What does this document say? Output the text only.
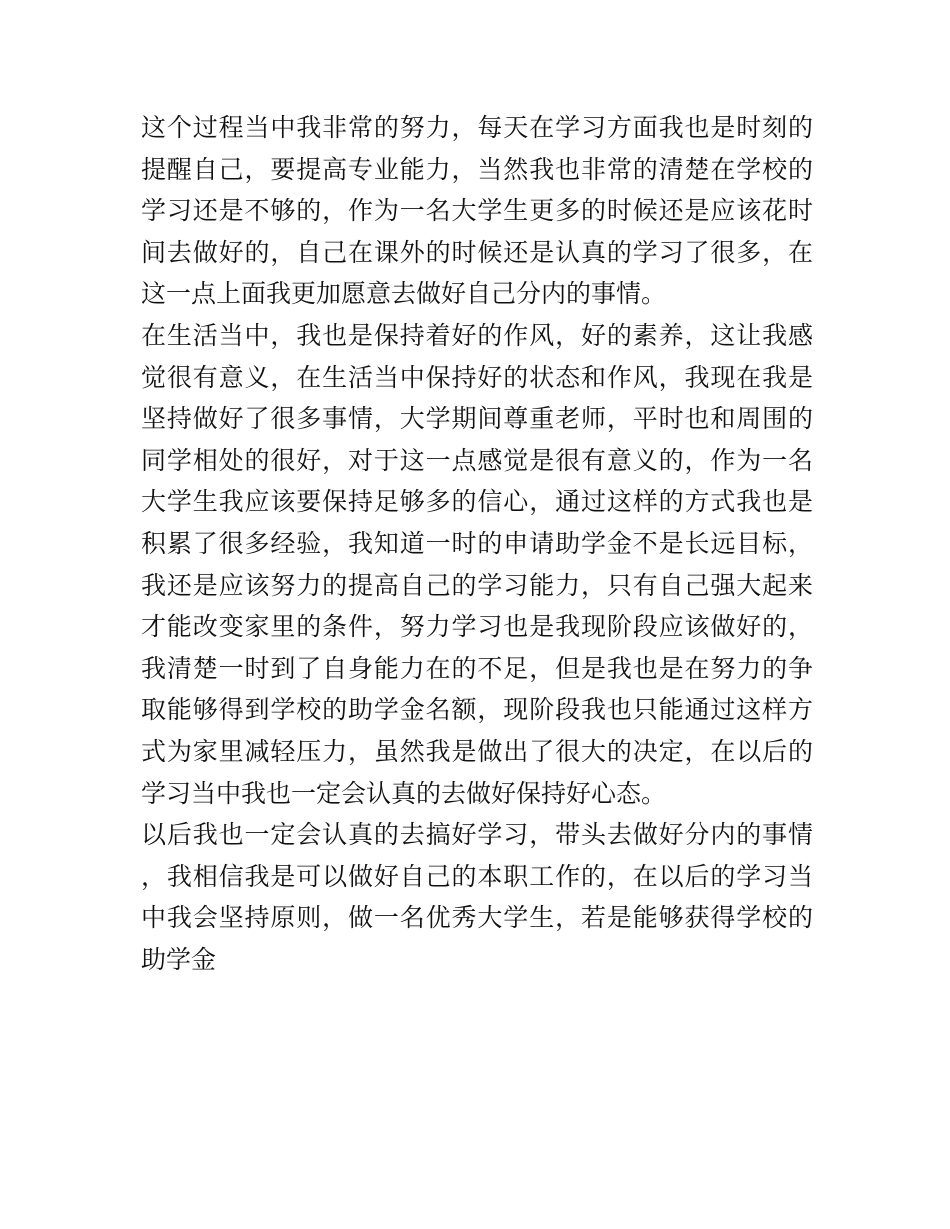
这个过程当中我非常的努力，每天在学习方面我也是时刻的提醒自己，要提高专业能力，当然我也非常的清楚在学校的学习还是不够的，作为一名大学生更多的时候还是应该花时间去做好的，自己在课外的时候还是认真的学习了很多，在这一点上面我更加愿意去做好自己分内的事情。

在生活当中，我也是保持着好的作风，好的素养，这让我感觉很有意义，在生活当中保持好的状态和作风，我现在我是坚持做好了很多事情，大学期间尊重老师，平时也和周围的同学相处的很好，对于这一点感觉是很有意义的，作为一名大学生我应该要保持足够多的信心，通过这样的方式我也是积累了很多经验，我知道一时的申请助学金不是长远目标，我还是应该努力的提高自己的学习能力，只有自己强大起来才能改变家里的条件，努力学习也是我现阶段应该做好的，我清楚一时到了自身能力在的不足，但是我也是在努力的争取能够得到学校的助学金名额，现阶段我也只能通过这样方式为家里减轻压力，虽然我是做出了很大的决定，在以后的学习当中我也一定会认真的去做好保持好心态。

以后我也一定会认真的去搞好学习，带头去做好分内的事情，我相信我是可以做好自己的本职工作的，在以后的学习当中我会坚持原则，做一名优秀大学生，若是能够获得学校的助学金
